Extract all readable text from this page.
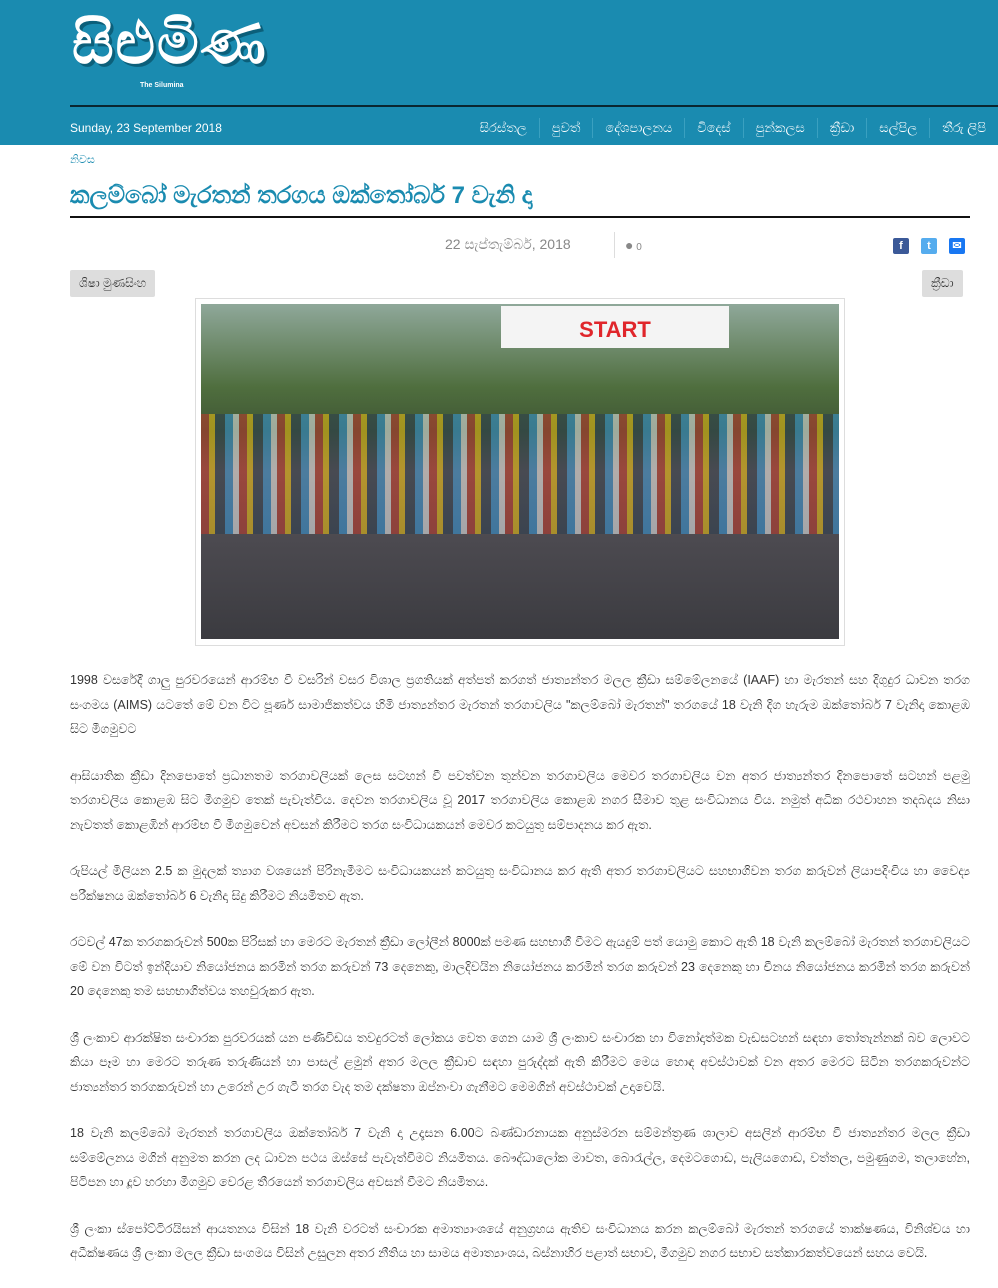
සිළුමිණ
The Silumina
Sunday, 23 September 2018	සිරස්තල	පුවත්	දේශපාලනය	විදෙස්	පුන්කලස	ක්‍රීඩා	සල්පිල	තීරු ලිපි
නිවස
කලම්බෝ මැරතන් තරගය ඔක්තෝබර් 7 වැනි දා
22 සැප්තැම්බර්, 2018	● 0	f	t	✉
ශිෂා මුණසිංහ	ක්‍රීඩා
START

1998 වසරේදී ගාලු පුරවරයෙන් ආරම්භ වී වසරින් වසර විශාල ප්‍රගතියක් අත්පත් කරගත් ජාත්‍යන්තර මලල ක්‍රීඩා සම්මේලනයේ (IAAF) හා මැරතන් සහ දිගුදුර ධාවන තරග සංගමය (AIMS) යටතේ මේ වන විට පූර්ණ සාමාජිකත්වය හිමි ජාත්‍යන්තර මැරතන් තරගාවලිය "කලම්බෝ මැරතන්" තරගයේ 18 වැනි දිග හැරුම ඔක්තෝබර් 7 වැනිදා කොළඹ සිට මීගමුවට

ආසියාතික ක්‍රීඩා දිනපොතේ ප්‍රධානතම තරගාවලියක් ලෙස සටහන් වී පවත්වන තුන්වන තරගාවලිය මෙවර තරගාවලිය වන අතර ජාත්‍යන්තර දිනපොතේ සටහන් පළමු තරගාවලිය කොළඹ සිට මීගමුව තෙක් පැවැත්විය. දෙවන තරගාවලිය වූ 2017 තරගාවලිය කොළඹ නගර සීමාව තුළ සංවිධානය විය. නමුත් අධික රථවාහන තදබදය නිසා නැවතත් කොළඹින් ආරම්භ වී මීගමුවෙන් අවසන් කිරීමට තරග සංවිධායකයන් මෙවර කටයුතු සම්පාදනය කර ඇත.

රුපියල් මිලියන 2.5 ක මුදලක් ත්‍යාග වශයෙන් පිරිනැමීමට සංවිධායකයන් කටයුතු සංවිධානය කර ඇති අතර තරගාවලියට සහභාගිවන තරග කරුවන් ලියාපදිංචිය හා වෛද්‍ය පරීක්ෂනය ඔක්තෝබර් 6 වැනිදා සිදු කිරීමට නියමිතව ඇත.

රටවල් 47ක තරගකරුවන් 500ක පිරිසක් හා මෙරට මැරතන් ක්‍රීඩා ලෝලීන් 8000ක් පමණ සහභාගී වීමට ඇයදුම් පත් යොමු කොට ඇති 18 වැනි කලම්බෝ මැරතන් තරගාවලියට මේ වන විටත් ඉන්දියාව නියෝජනය කරමින් තරග කරුවන් 73 දෙනෙකු, මාලදිවයින නියෝජනය කරමින් තරග කරුවන් 23 දෙනෙකු හා චීනය නියෝජනය කරමින් තරග කරුවන් 20 දෙනෙකු තම සහභාගිත්වය තහවුරුකර ඇත.

ශ්‍රී ලංකාව ආරක්ෂිත සංචාරක පුරවරයක් යන පණිවිඩය තවදුරටත් ලෝකය වෙත ගෙන යාම ශ්‍රී ලංකාව සංචාරක හා විනෝදාත්මක වැඩසටහන් සඳහා තෝතැන්නක් බව ලොවට කියා පෑම හා මෙරට තරුණ තරුණියන් හා පාසල් ළමුන් අතර මලල ක්‍රීඩාව සඳහා පුරුද්දක් ඇති කිරීමට මෙය හොඳ අවස්ථාවක් වන අතර මෙරට සිටින තරගකරුවන්ට ජාත්‍යන්තර තරගකරුවන් හා උරෙන් උර ගැටී තරග වැද තම දක්ෂතා ඔප්නංවා ගැනීමට මෙමගින් අවස්ථාවක් උදාවෙයි.

18 වැනි කලම්බෝ මැරතන් තරගාවලිය ඔක්තෝබර් 7 වැනි දා උදෑසන 6.00ට බණ්ඩාරනායක අනුස්මරන සම්මන්ත්‍රණ ශාලාව අසලින් ආරම්භ වී ජාත්‍යන්තර මලල ක්‍රීඩා සම්මේලනය මගින් අනුමත කරන ලද ධාවන පථය ඔස්සේ පැවැත්වීමට නියමිතය. බෞද්ධාලෝක මාවත, බොරැල්ල, දෙමටගොඩ, පැලියගොඩ, වත්තල, පමුණුගම, තලාහේන, පිටිපන හා දූව හරහා මීගමුව වෙරළ තීරයෙන් තරගාවලිය අවසන් වීමට නියමිතය.

ශ්‍රී ලංකා ස්පෝට්ටිරයිසන් ආයතනය විසින් 18 වැනි වරටත් සංචාරක අමාත්‍යාංශයේ අනුග්‍රහය ඇතිව සංවිධානය කරන කලම්බෝ මැරතන් තරගයේ තාක්ෂණය, විනිශ්චය හා අධීක්ෂණය ශ්‍රී ලංකා මලල ක්‍රීඩා සංගමය විසින් උසුලන අතර නීතිය හා සාමය අමාත්‍යාංශය, බස්නාහිර පළාත් සභාව, මීගමුව නගර සභාව සත්කාරකත්වයෙන් සහය වෙයි.
